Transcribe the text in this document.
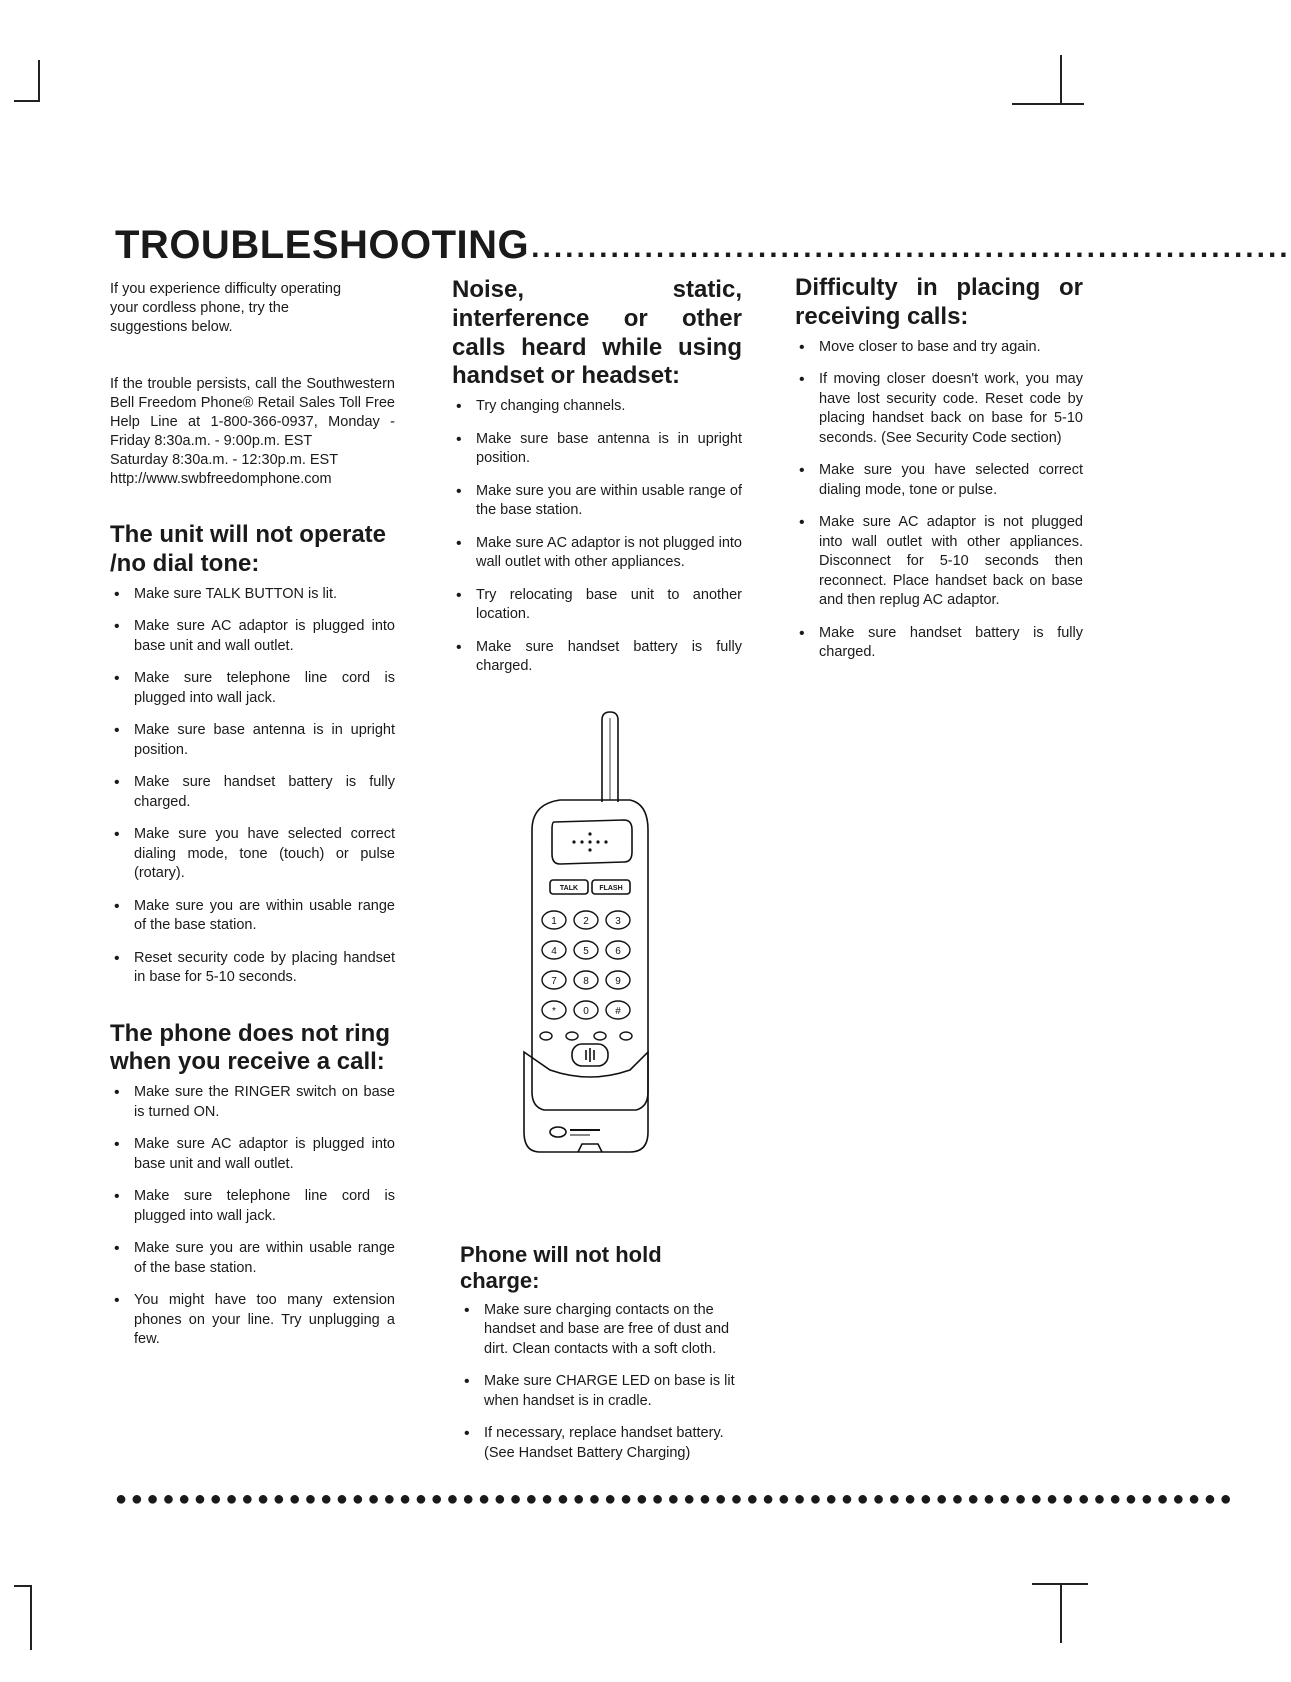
TROUBLESHOOTING ...................................................................

If you experience difficulty operating your cordless phone, try the suggestions below.

If the trouble persists, call the Southwestern Bell Freedom Phone® Retail Sales Toll Free Help Line at 1-800-366-0937, Monday - Friday 8:30a.m. - 9:00p.m. EST

Saturday 8:30a.m. - 12:30p.m. EST

http://www.swbfreedomphone.com

The unit will not operate /no dial tone:
• Make sure TALK BUTTON is lit.
• Make sure AC adaptor is plugged into base unit and wall outlet.
• Make sure telephone line cord is plugged into wall jack.
• Make sure base antenna is in upright position.
• Make sure handset battery is fully charged.
• Make sure you have selected correct dialing mode, tone (touch) or pulse (rotary).
• Make sure you are within usable range of the base station.
• Reset security code by placing handset in base for 5-10 seconds.
The phone does not ring when you receive a call:
• Make sure the RINGER switch on base is turned ON.
• Make sure AC adaptor is plugged into base unit and wall outlet.
• Make sure telephone line cord is plugged into wall jack.
• Make sure you are within usable range of the base station.
• You might have too many extension phones on your line. Try unplugging a few.
Noise, static, interference or other calls heard while using handset or headset:
• Try changing channels.
• Make sure base antenna is in upright position.
• Make sure you are within usable range of the base station.
• Make sure AC adaptor is not plugged into wall outlet with other appliances.
• Try relocating base unit to another location.
• Make sure handset battery is fully charged.
TALK	FLASH
1	2	3
4	5	6
7	8	9
*	0	#
Phone will not hold charge:
• Make sure charging contacts on the handset and base are free of dust and dirt. Clean contacts with a soft cloth.
• Make sure CHARGE LED on base is lit when handset is in cradle.
• If necessary, replace handset battery. (See Handset Battery Charging)
Difficulty in placing or receiving calls:
• Move closer to base and try again.
• If moving closer doesn't work, you may have lost security code. Reset code by placing handset back on base for 5-10 seconds. (See Security Code section)
• Make sure you have selected correct dialing mode, tone or pulse.
• Make sure AC adaptor is not plugged into wall outlet with other appliances. Disconnect for 5-10 seconds then reconnect. Place handset back on base and then replug AC adaptor.
• Make sure handset battery is fully charged.
●●●●●●●●●●●●●●●●●●●●●●●●●●●●●●●●●●●●●●●●●●●●●●●●●●●●●●●●●●●●●●●●●●●●●●●
